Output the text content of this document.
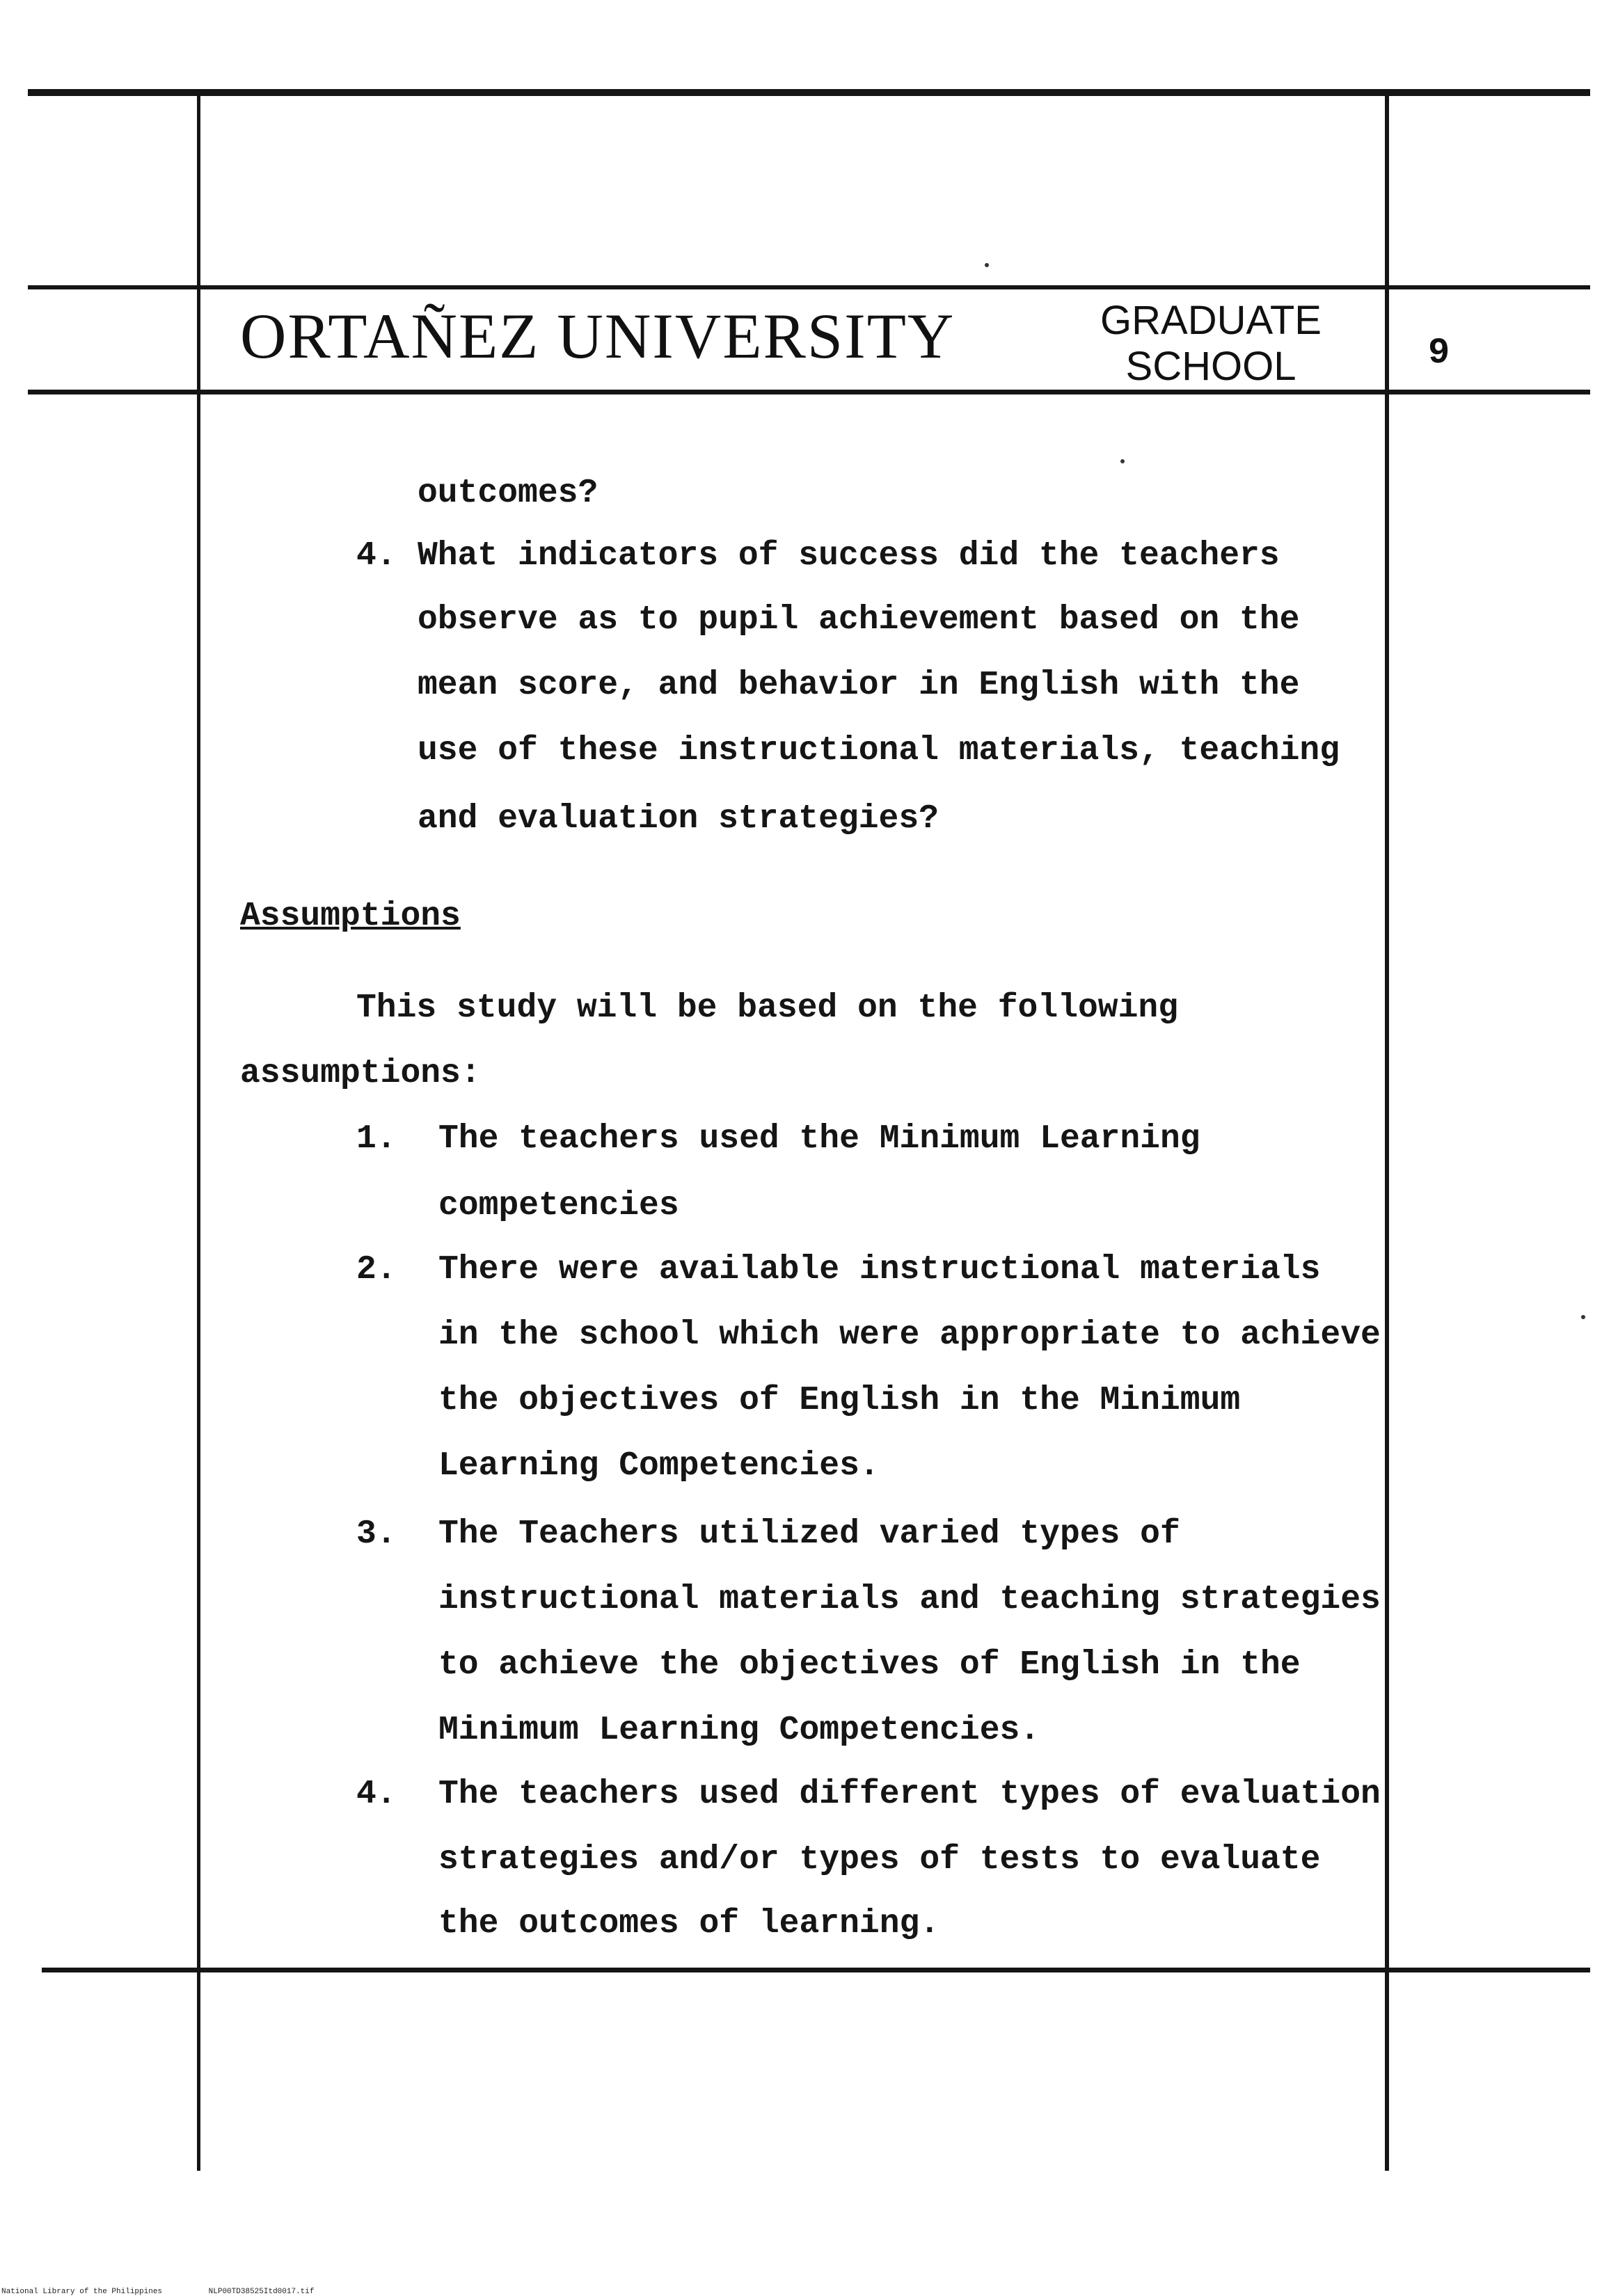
ORTAÑEZ UNIVERSITY	GRADUATE
SCHOOL	9
outcomes?
4. What indicators of success did the teachers
observe as to pupil achievement based on the
mean score, and behavior in English with the
use of these instructional materials, teaching
and evaluation strategies?
Assumptions
This study will be based on the following
assumptions:
1. The teachers used the Minimum Learning
competencies
2. There were available instructional materials
in the school which were appropriate to achieve
the objectives of English in the Minimum
Learning Competencies.
3. The Teachers utilized varied types of
instructional materials and teaching strategies
to achieve the objectives of English in the
Minimum Learning Competencies.
4. The teachers used different types of evaluation
strategies and/or types of tests to evaluate
the outcomes of learning.
National Library of the Philippines	NLP00TD38525Itd0017.tif
